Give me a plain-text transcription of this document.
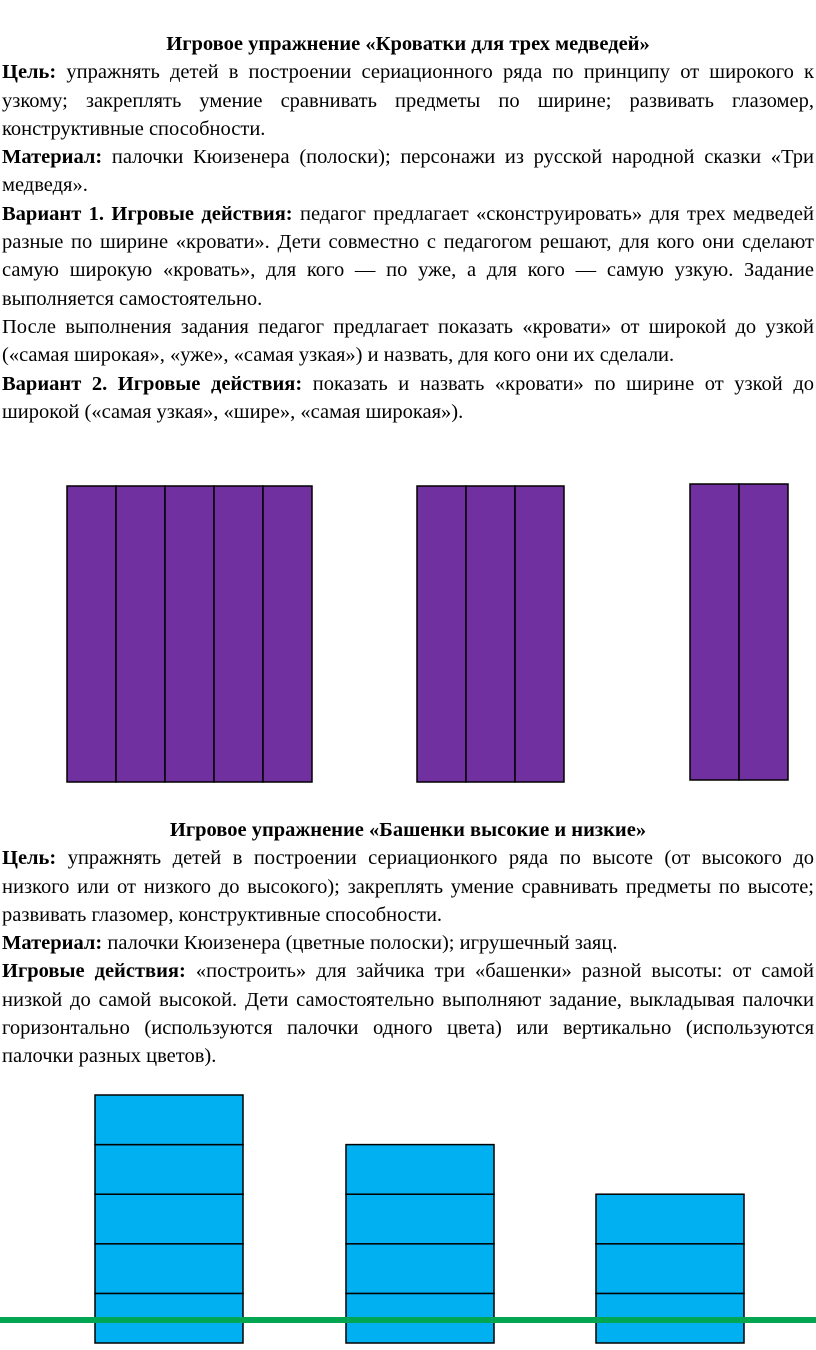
Игровое упражнение «Кроватки для трех медведей»

Цель: упражнять детей в построении сериационного ряда по принципу от широкого к узкому; закреплять умение сравнивать предметы по ширине; развивать глазомер, конструктивные способности.

Материал: палочки Кюизенера (полоски); персонажи из русской народной сказки «Три медведя».

Вариант 1. Игровые действия: педагог предлагает «сконструировать» для трех медведей разные по ширине «кровати». Дети совместно с педагогом решают, для кого они сделают самую широкую «кровать», для кого — по уже, а для кого — самую узкую. Задание выполняется самостоятельно.

После выполнения задания педагог предлагает показать «кровати» от широкой до узкой («самая широкая», «уже», «самая узкая») и назвать, для кого они их сделали.

Вариант 2. Игровые действия: показать и назвать «кровати» по ширине от узкой до широкой («самая узкая», «шире», «самая широкая»).

Игровое упражнение «Башенки высокие и низкие»

Цель: упражнять детей в построении сериационкого ряда по высоте (от высокого до низкого или от низкого до высокого); закреплять умение сравнивать предметы по высоте; развивать глазомер, конструктивные способности.

Материал: палочки Кюизенера (цветные полоски); игрушечный заяц.

Игровые действия: «построить» для зайчика три «башенки» разной высоты: от самой низкой до самой высокой. Дети самостоятельно выполняют задание, выкладывая палочки горизонтально (используются палочки одного цвета) или вертикально (используются палочки разных цветов).
